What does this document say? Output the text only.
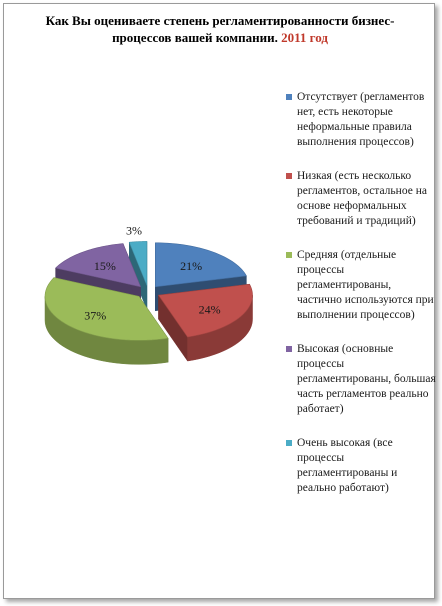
Как Вы оцениваете степень регламентированности бизнес-процессов вашей компании. 2011 год
21%
24%
37%
15%
3%
Отсутствует (регламентов нет, есть некоторые неформальные правила выполнения процессов)
Низкая (есть несколько регламентов, остальное на основе неформальных требований и традиций)
Средняя (отдельные процессы регламентированы, частично используются при выполнении процессов)
Высокая (основные процессы регламентированы, большая часть регламентов реально работает)
Очень высокая (все процессы регламентированы и реально работают)
